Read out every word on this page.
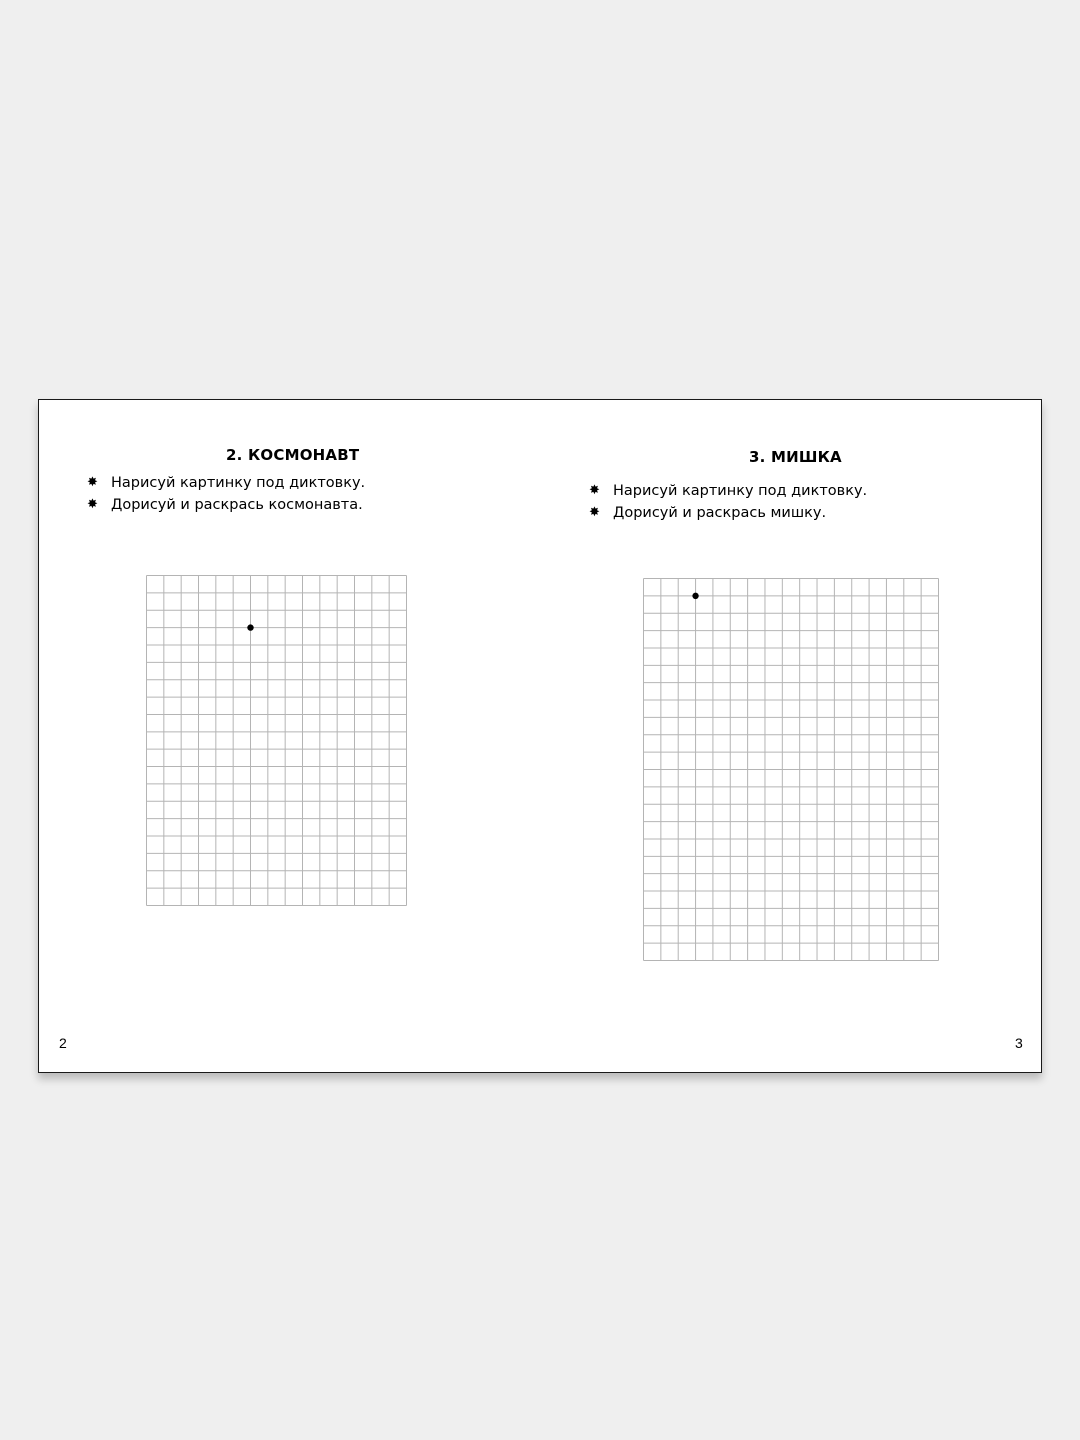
2. КОСМОНАВТ
✸ Нарисуй картинку под диктовку.
✸ Дорисуй и раскрась космонавта.

2

3. МИШКА
✸ Нарисуй картинку под диктовку.
✸ Дорисуй и раскрась мишку.

3
